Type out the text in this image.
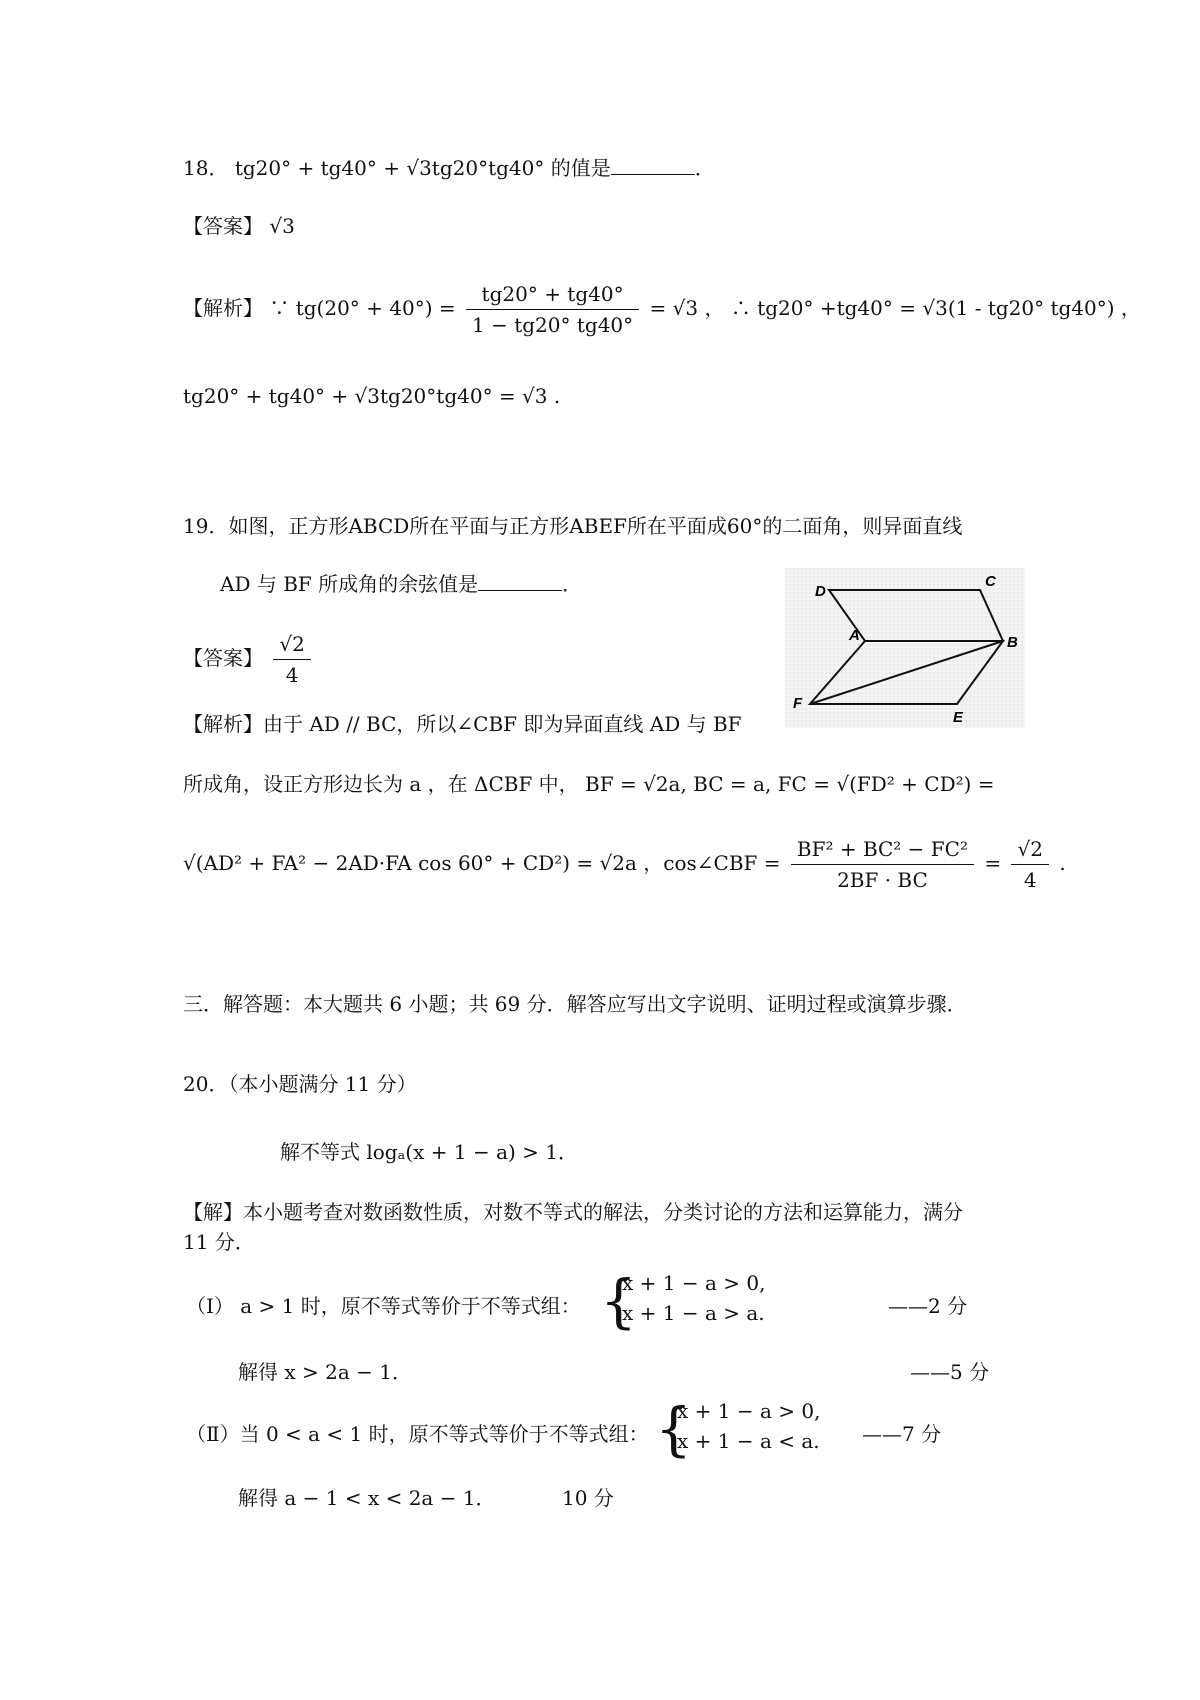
18． tg20° + tg40° + √3tg20°tg40° 的值是	．
【答案】 √3
【解析】 ∵ $tg(20^\circ + 40^\circ) = \frac{tg20^\circ + tg40^\circ}{1 - tg20^\circ tg40^\circ} = √3$ ， ∴ tg20° +tg40° = √3(1 - tg20° tg40°) ，
tg20° + tg40° + √3tg20°tg40° = √3 .
19．如图，正方形ABCD所在平面与正方形ABEF所在平面成60°的二面角，则异面直线
AD 与 BF 所成角的余弦值是	．
【答案】 $\frac{√2}{4}$
D
C
A	B
F
E
【解析】由于 AD // BC，所以∠CBF 即为异面直线 AD 与 BF
所成角，设正方形边长为 a ，在 ΔCBF 中， BF = √2a, BC = a, FC = √(FD² + CD²) =
√(AD² + FA² − 2AD·FA cos 60° + CD²) = √2a ，cos∠CBF = $\frac{\text{BF² + BC² − FC²}}{2BF \cdot BC} = \frac{√2}{4}$ .
三．解答题：本大题共 6 小题；共 69 分．解答应写出文字说明、证明过程或演算步骤．
20．（本小题满分 11 分）
解不等式 logₐ(x + 1 − a) > 1．
【解】本小题考查对数函数性质，对数不等式的解法，分类讨论的方法和运算能力，满分
11 分．
（Ⅰ） a > 1 时，原不等式等价于不等式组： {
x + 1 − a > 0,
x + 1 − a > a.	——2 分
解得 x > 2a − 1．	——5 分
（Ⅱ）当 0 < a < 1 时，原不等式等价于不等式组： {
x + 1 − a > 0,
x + 1 − a < a. ——7 分
解得 a − 1 < x < 2a − 1．	10 分
